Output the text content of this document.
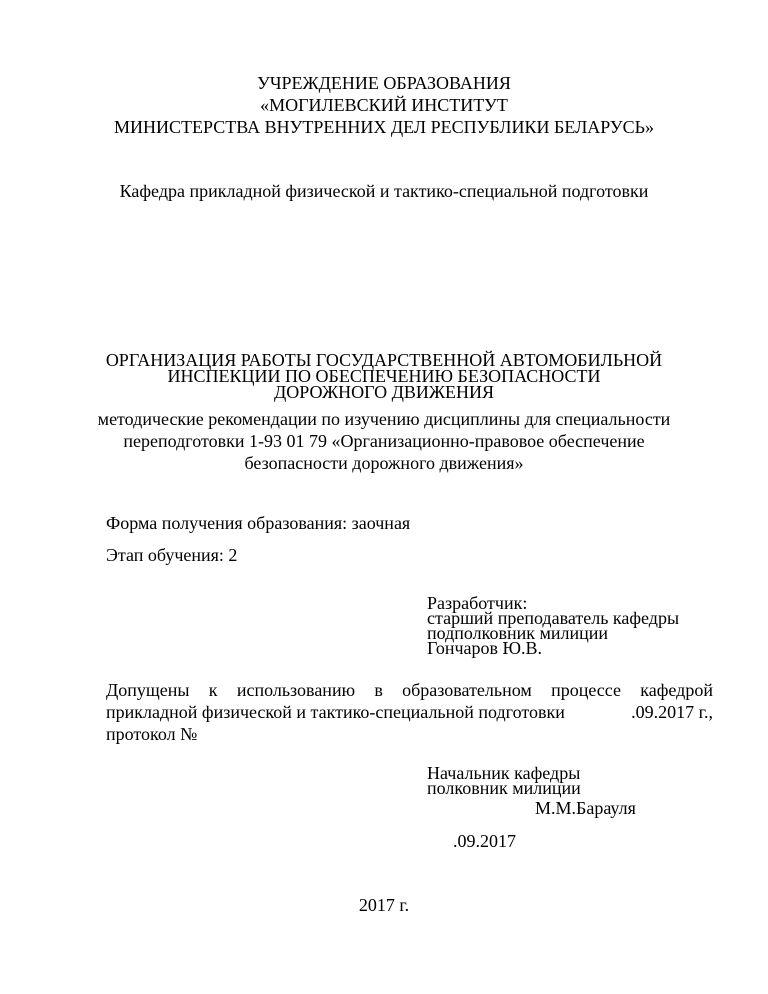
УЧРЕЖДЕНИЕ ОБРАЗОВАНИЯ
«МОГИЛЕВСКИЙ ИНСТИТУТ
МИНИСТЕРСТВА ВНУТРЕННИХ ДЕЛ РЕСПУБЛИКИ БЕЛАРУСЬ»
Кафедра прикладной физической и тактико-специальной подготовки
ОРГАНИЗАЦИЯ РАБОТЫ ГОСУДАРСТВЕННОЙ АВТОМОБИЛЬНОЙ
ИНСПЕКЦИИ ПО ОБЕСПЕЧЕНИЮ БЕЗОПАСНОСТИ
ДОРОЖНОГО ДВИЖЕНИЯ
методические рекомендации по изучению дисциплины для специальности
переподготовки 1-93 01 79 «Организационно-правовое обеспечение
безопасности дорожного движения»
Форма получения образования: заочная
Этап обучения: 2
Разработчик:
старший преподаватель кафедры
подполковник милиции
Гончаров Ю.В.
Допущены к использованию в образовательном процессе кафедрой
прикладной физической и тактико-специальной подготовки	.09.2017 г.,
протокол №
Начальник кафедры
полковник милиции
М.М.Барауля
.09.2017
2017 г.
